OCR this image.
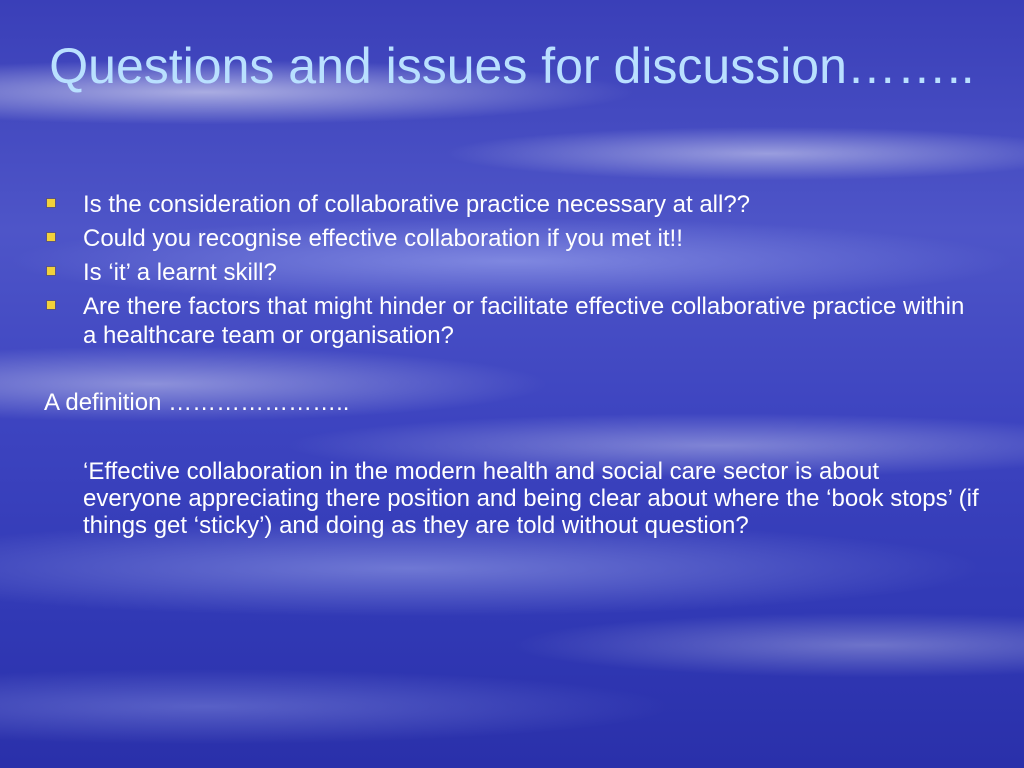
Questions and issues for discussion……..
Is the consideration of collaborative practice necessary at all??
Could you recognise effective collaboration if you met it!!
Is ‘it’ a learnt skill?
Are there factors that might hinder or facilitate effective collaborative practice within a healthcare team or organisation?

A definition …………………..

‘Effective collaboration in the modern health and social care sector is about everyone appreciating there position and being clear about where the ‘book stops’ (if things get ‘sticky’) and doing as they are told without question?
